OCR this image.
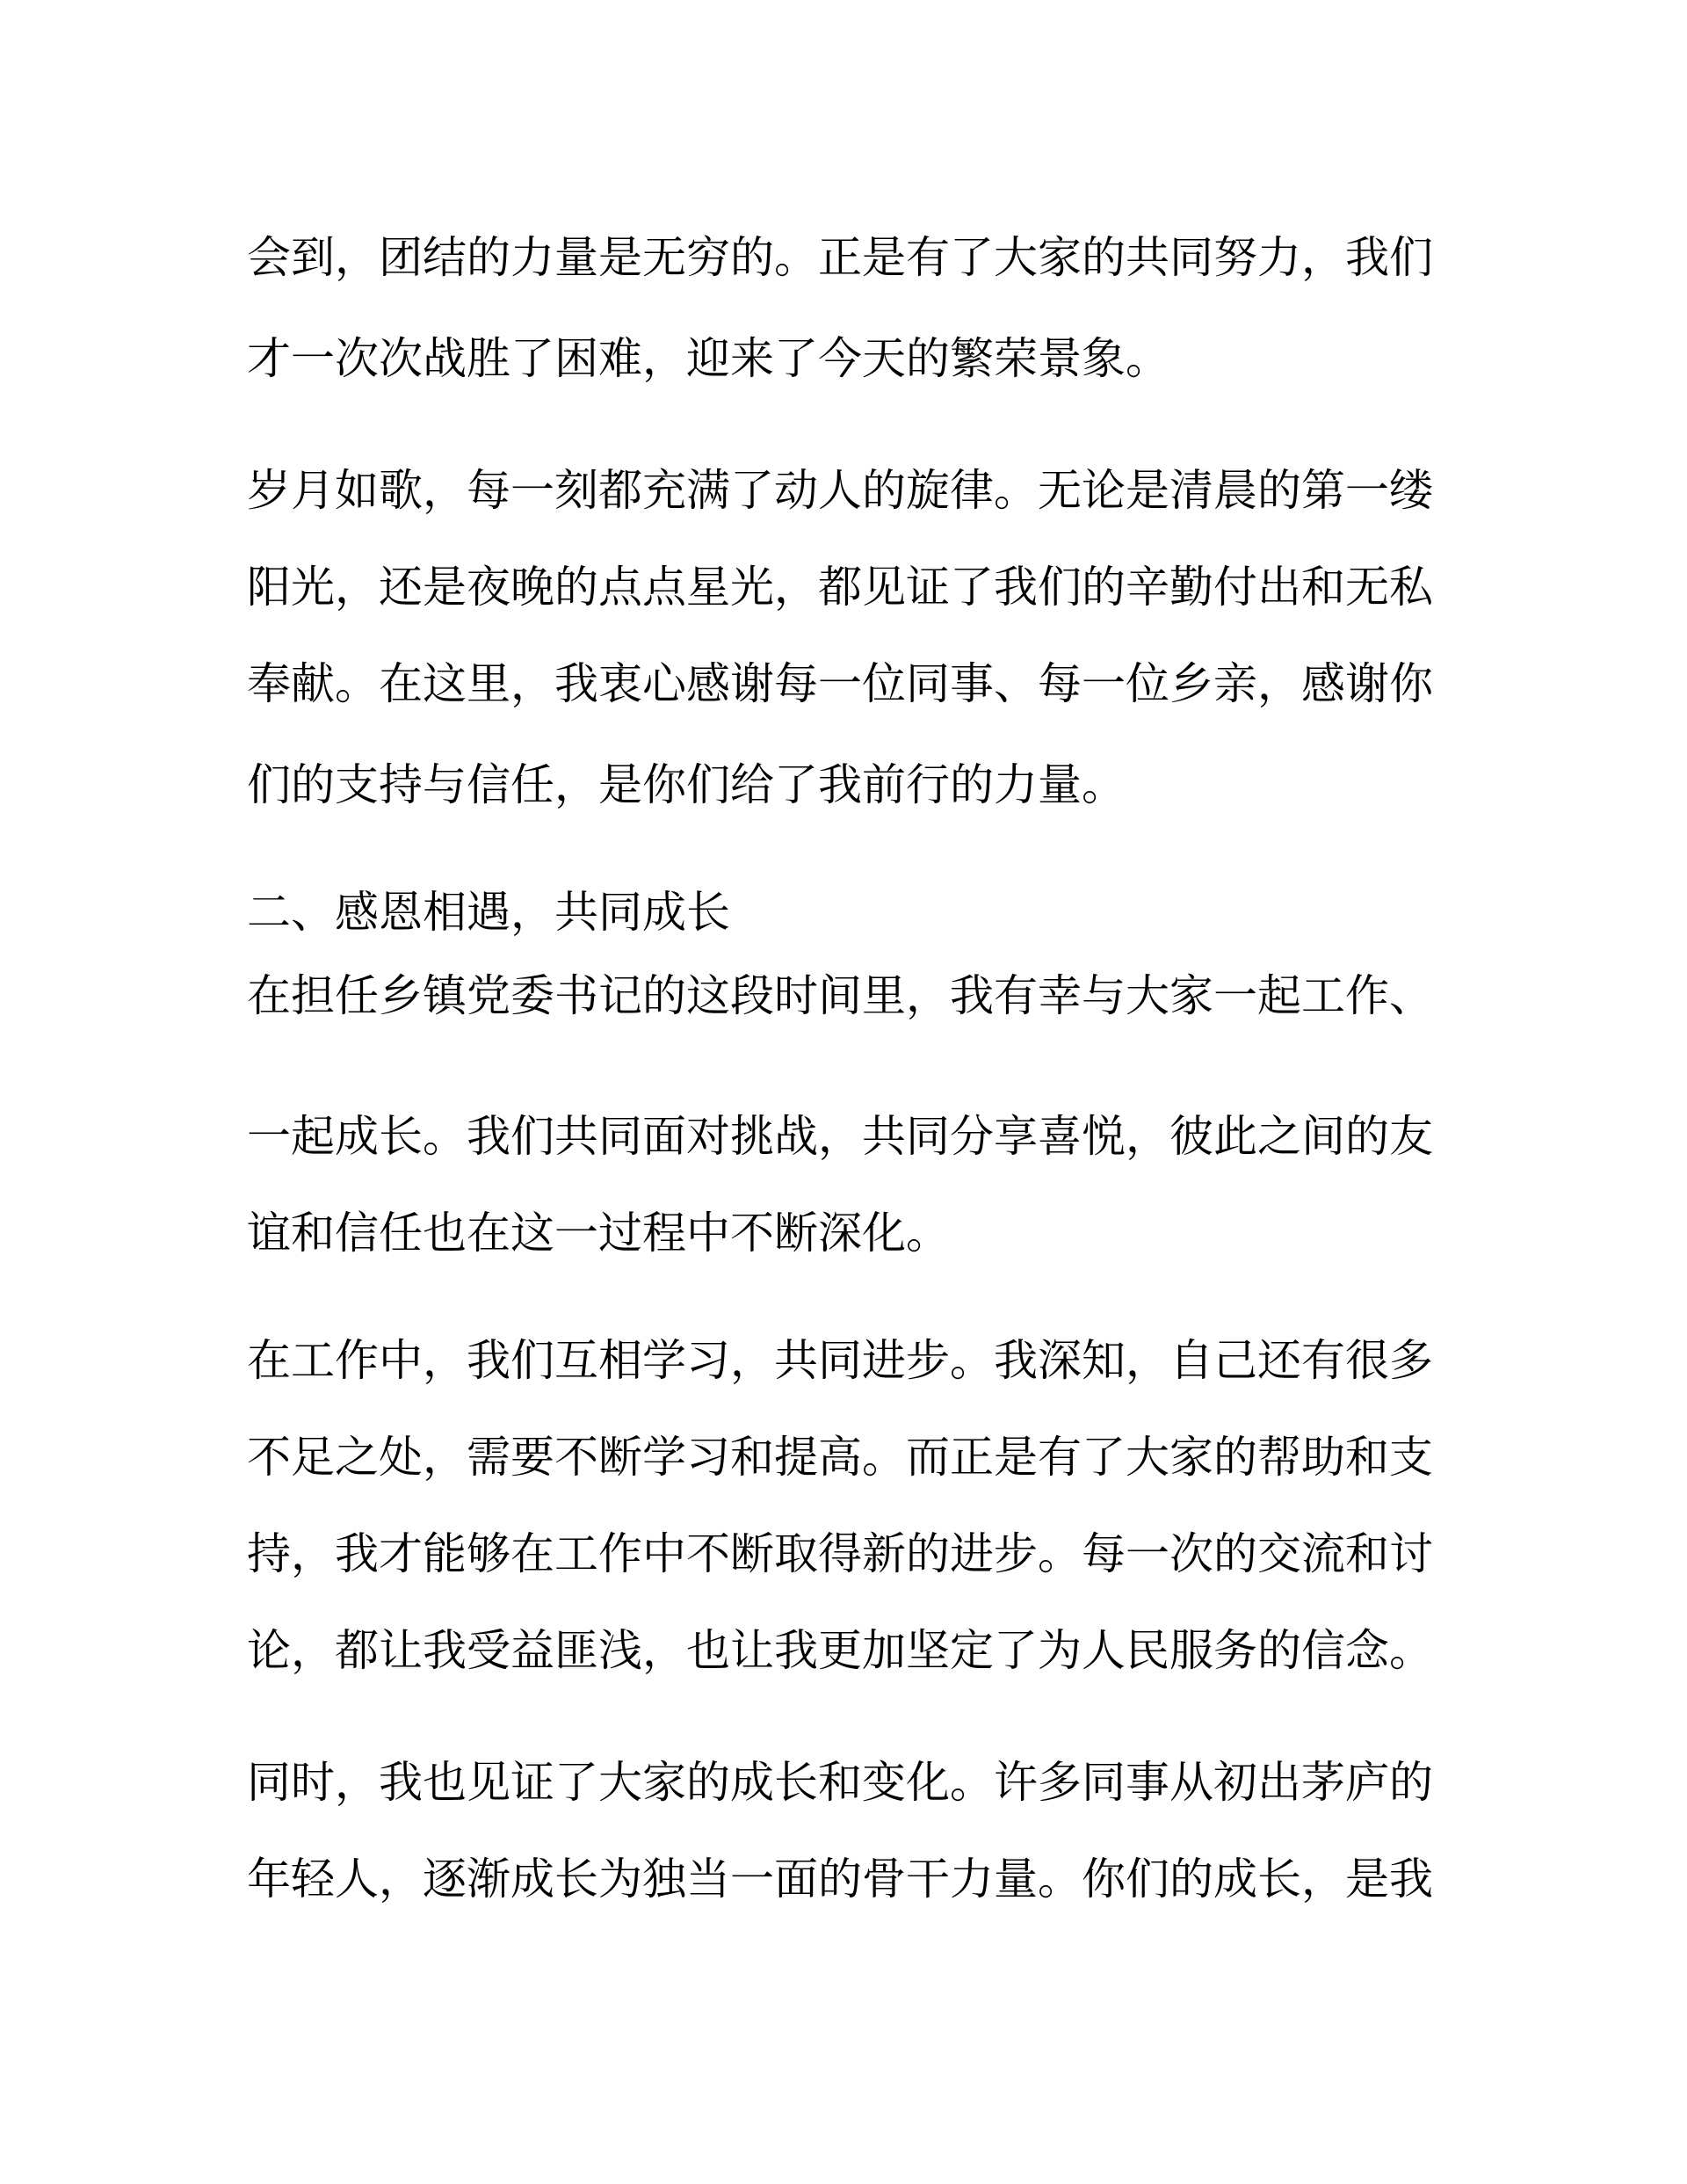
会到，团结的力量是无穷的。正是有了大家的共同努力，我们

才一次次战胜了困难，迎来了今天的繁荣景象。

岁月如歌，每一刻都充满了动人的旋律。无论是清晨的第一缕

阳光，还是夜晚的点点星光，都见证了我们的辛勤付出和无私

奉献。在这里，我衷心感谢每一位同事、每一位乡亲，感谢你

们的支持与信任，是你们给了我前行的力量。

二、感恩相遇，共同成长

在担任乡镇党委书记的这段时间里，我有幸与大家一起工作、

一起成长。我们共同面对挑战，共同分享喜悦，彼此之间的友

谊和信任也在这一过程中不断深化。

在工作中，我们互相学习，共同进步。我深知，自己还有很多

不足之处，需要不断学习和提高。而正是有了大家的帮助和支

持，我才能够在工作中不断取得新的进步。每一次的交流和讨

论，都让我受益匪浅，也让我更加坚定了为人民服务的信念。

同时，我也见证了大家的成长和变化。许多同事从初出茅庐的

年轻人，逐渐成长为独当一面的骨干力量。你们的成长，是我
